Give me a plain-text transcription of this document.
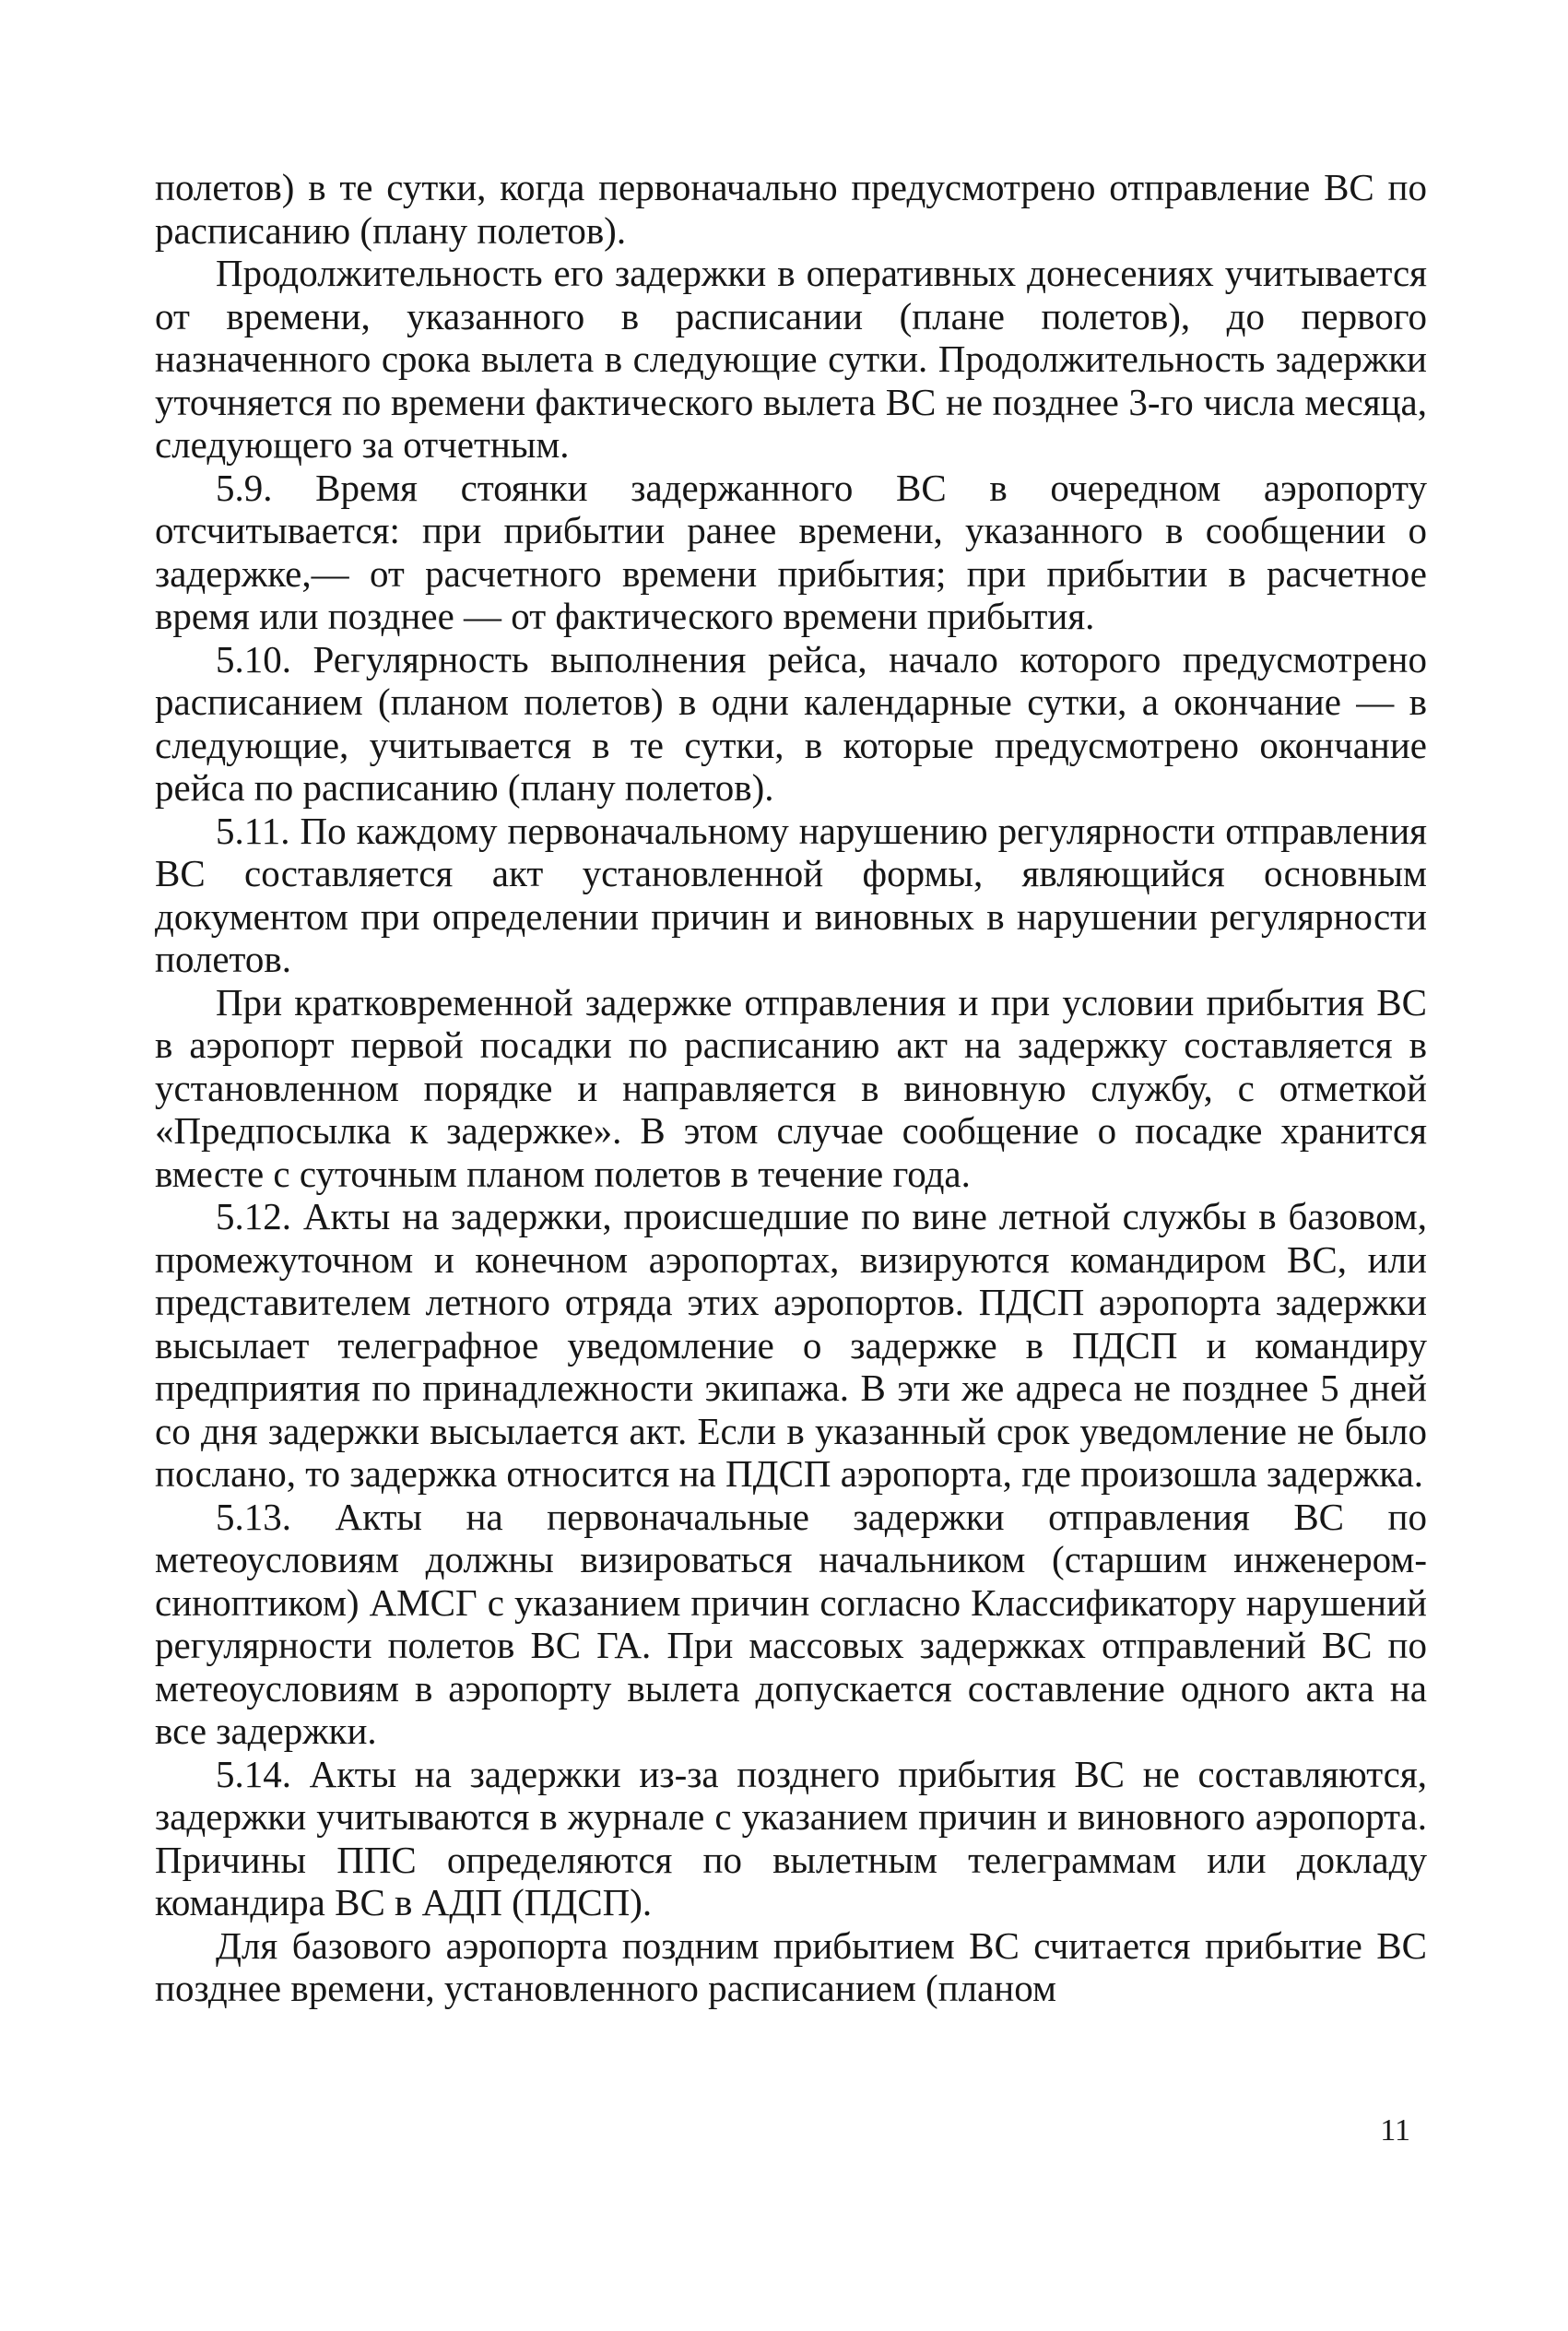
полетов) в те сутки, когда первоначально предусмотрено отправление ВС по расписанию (плану полетов).

Продолжительность его задержки в оперативных донесениях учитывается от времени, указанного в расписании (плане полетов), до первого назначенного срока вылета в следующие сутки. Продолжительность задержки уточняется по времени фактического вылета ВС не позднее 3-го числа месяца, следующего за отчетным.

5.9. Время стоянки задержанного ВС в очередном аэропорту отсчитывается: при прибытии ранее времени, указанного в сообщении о задержке,— от расчетного времени прибытия; при прибытии в расчетное время или позднее — от фактического времени прибытия.

5.10. Регулярность выполнения рейса, начало которого предусмотрено расписанием (планом полетов) в одни календарные сутки, а окончание — в следующие, учитывается в те сутки, в которые предусмотрено окончание рейса по расписанию (плану полетов).

5.11. По каждому первоначальному нарушению регулярности отправления ВС составляется акт установленной формы, являющийся основным документом при определении причин и виновных в нарушении регулярности полетов.

При кратковременной задержке отправления и при условии прибытия ВС в аэропорт первой посадки по расписанию акт на задержку составляется в установленном порядке и направляется в виновную службу, с отметкой «Предпосылка к задержке». В этом случае сообщение о посадке хранится вместе с суточным планом полетов в течение года.

5.12. Акты на задержки, происшедшие по вине летной службы в базовом, промежуточном и конечном аэропортах, визируются командиром ВС, или представителем летного отряда этих аэропортов. ПДСП аэропорта задержки высылает телеграфное уведомление о задержке в ПДСП и командиру предприятия по принадлежности экипажа. В эти же адреса не позднее 5 дней со дня задержки высылается акт. Если в указанный срок уведомление не было послано, то задержка относится на ПДСП аэропорта, где произошла задержка.

5.13. Акты на первоначальные задержки отправления ВС по метеоусловиям должны визироваться начальником (старшим инженером-синоптиком) АМСГ с указанием причин согласно Классификатору нарушений регулярности полетов ВС ГА. При массовых задержках отправлений ВС по метеоусловиям в аэропорту вылета допускается составление одного акта на все задержки.

5.14. Акты на задержки из-за позднего прибытия ВС не составляются, задержки учитываются в журнале с указанием причин и виновного аэропорта. Причины ППС определяются по вылетным телеграммам или докладу командира ВС в АДП (ПДСП).

Для базового аэропорта поздним прибытием ВС считается прибытие ВС позднее времени, установленного расписанием (планом

11
